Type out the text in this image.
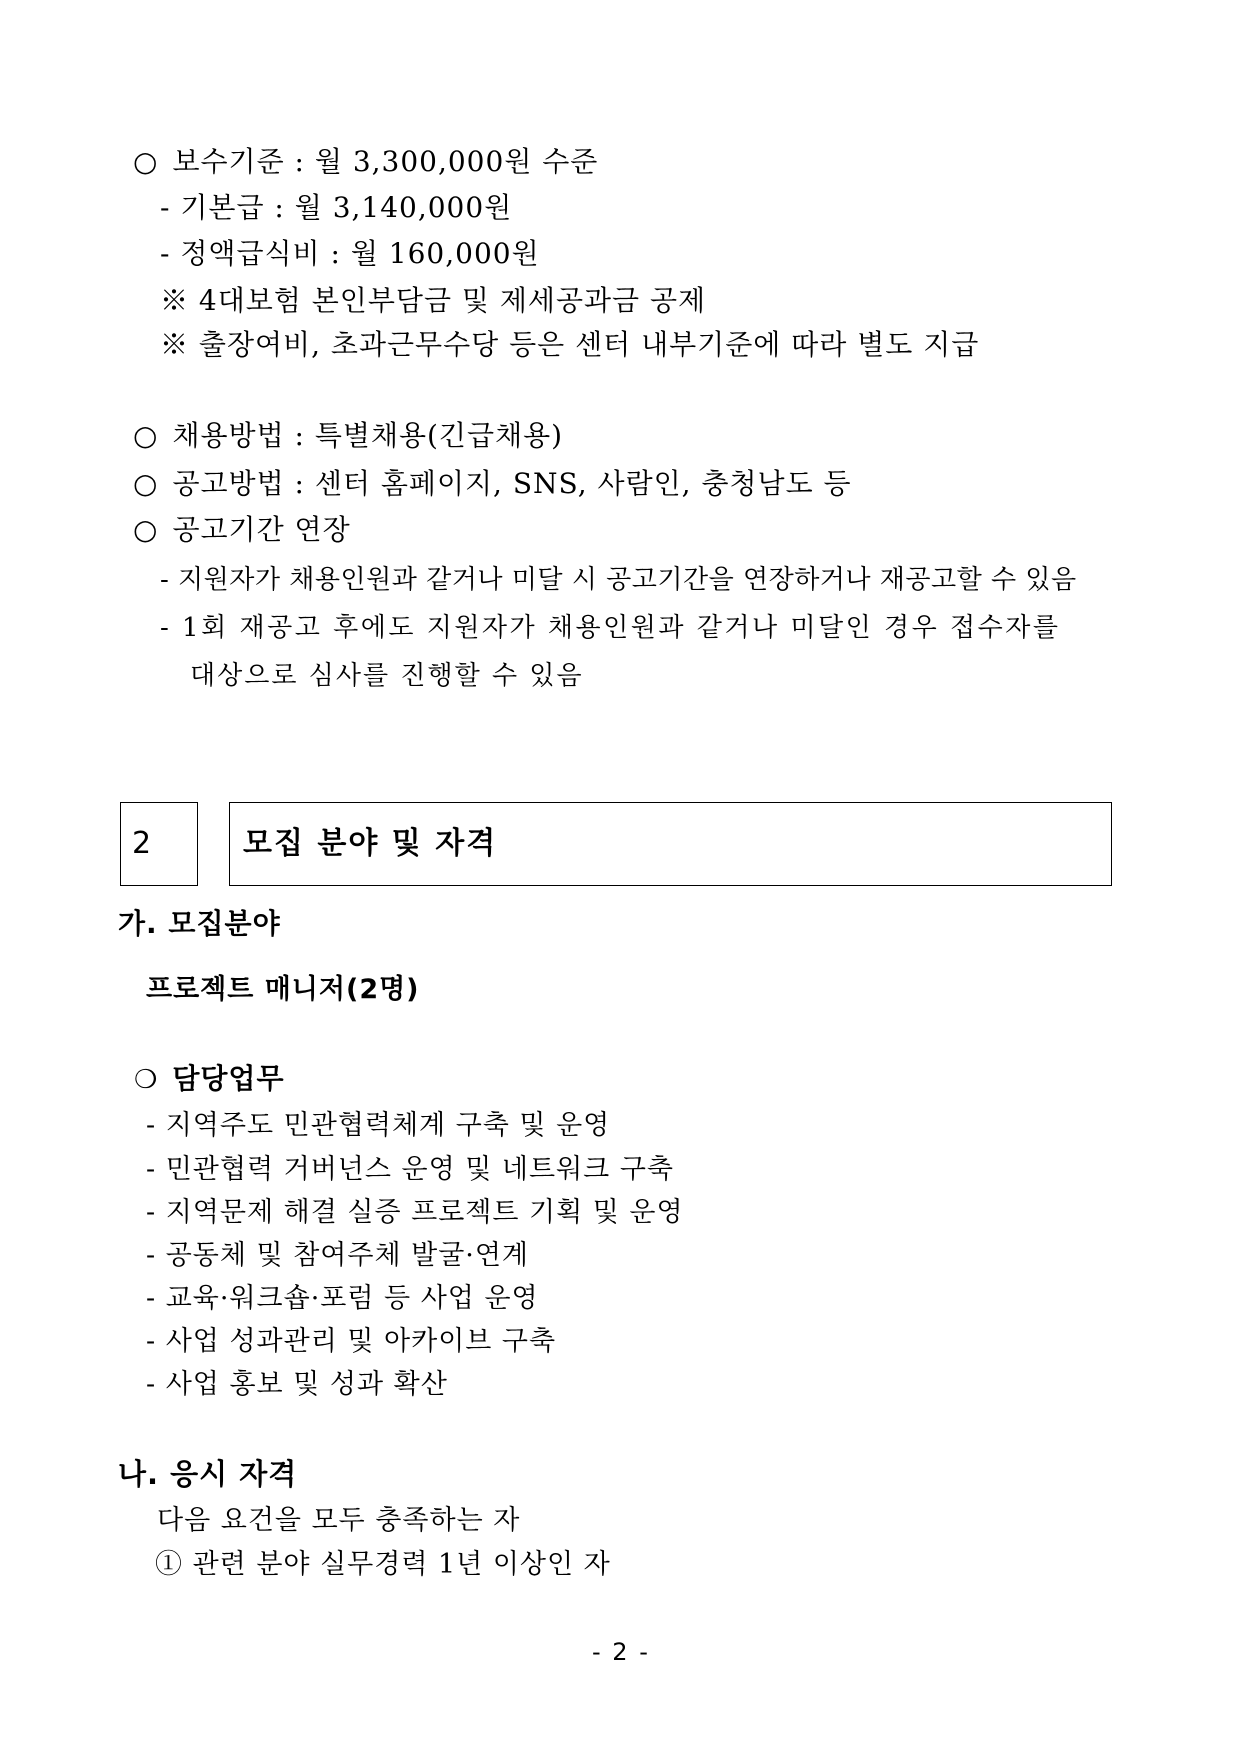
○ 보수기준 : 월 3,300,000원 수준
- 기본급 : 월 3,140,000원
- 정액급식비 : 월 160,000원
※ 4대보험 본인부담금 및 제세공과금 공제
※ 출장여비, 초과근무수당 등은 센터 내부기준에 따라 별도 지급
○ 채용방법 : 특별채용(긴급채용)
○ 공고방법 : 센터 홈페이지, SNS, 사람인, 충청남도 등
○ 공고기간 연장
- 지원자가 채용인원과 같거나 미달 시 공고기간을 연장하거나 재공고할 수 있음
- 1회 재공고 후에도 지원자가 채용인원과 같거나 미달인 경우 접수자를
대상으로 심사를 진행할 수 있음
2	모집 분야 및 자격
가. 모집분야
프로젝트 매니저(2명)
❍ 담당업무
- 지역주도 민관협력체계 구축 및 운영
- 민관협력 거버넌스 운영 및 네트워크 구축
- 지역문제 해결 실증 프로젝트 기획 및 운영
- 공동체 및 참여주체 발굴·연계
- 교육·워크숍·포럼 등 사업 운영
- 사업 성과관리 및 아카이브 구축
- 사업 홍보 및 성과 확산
나. 응시 자격
다음 요건을 모두 충족하는 자
① 관련 분야 실무경력 1년 이상인 자
- 2 -
